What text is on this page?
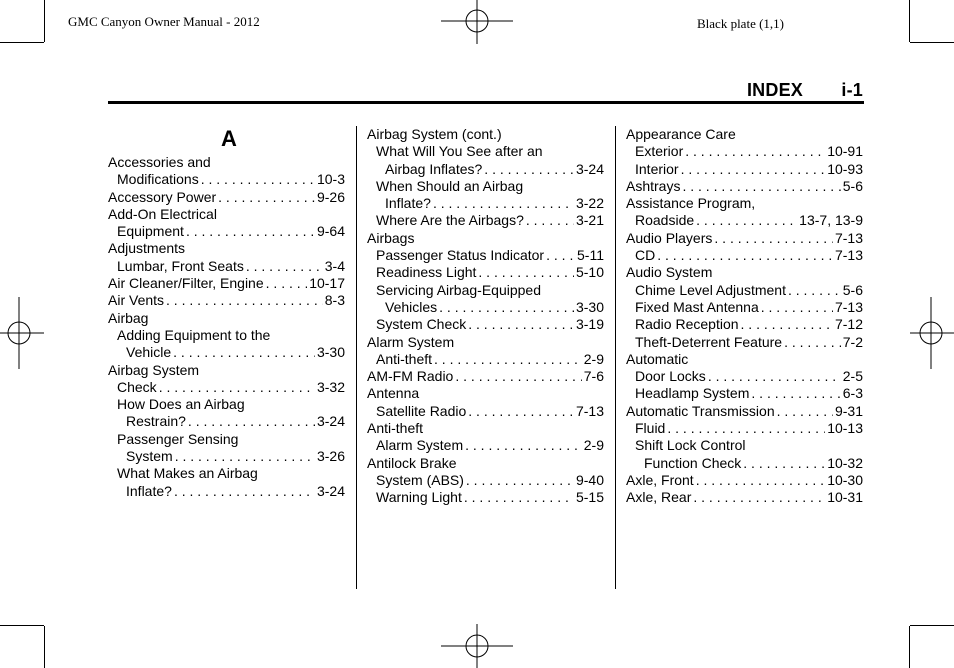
GMC Canyon Owner Manual - 2012	Black plate (1,1)
INDEX i-1
A
Accessories and
Modifications . . .	10-3
Accessory Power . . .	9-26
Add-On Electrical
Equipment . . .	9-64
Adjustments
Lumbar, Front Seats . . .	3-4
Air Cleaner/Filter, Engine . . .	10-17
Air Vents . . .	8-3
Airbag
Adding Equipment to the
Vehicle . . .	3-30
Airbag System
Check . . .	3-32
How Does an Airbag
Restrain? . . .	3-24
Passenger Sensing
System . . .	3-26
What Makes an Airbag
Inflate? . . .	3-24
Airbag System (cont.)
What Will You See after an
Airbag Inflates? . . .	3-24
When Should an Airbag
Inflate? . . .	3-22
Where Are the Airbags? . . .	3-21
Airbags
Passenger Status Indicator . . . 5-11
Readiness Light . . .	5-10
Servicing Airbag-Equipped
Vehicles . . .	3-30
System Check . . .	3-19
Alarm System
Anti-theft . . .	2-9
AM-FM Radio . . .	7-6
Antenna
Satellite Radio . . .	7-13
Anti-theft
Alarm System . . .	2-9
Antilock Brake
System (ABS) . . .	9-40
Warning Light . . .	5-15
Appearance Care
Exterior . . .	10-91
Interior . . .	10-93
Ashtrays . . .	5-6
Assistance Program,
Roadside . . .	13-7, 13-9
Audio Players . . .	7-13
CD . . .	7-13
Audio System
Chime Level Adjustment . . .	5-6
Fixed Mast Antenna . . .	7-13
Radio Reception . . .	7-12
Theft-Deterrent Feature . . .	7-2
Automatic
Door Locks . . .	2-5
Headlamp System . . .	6-3
Automatic Transmission . . .	9-31
Fluid . . .	10-13
Shift Lock Control
Function Check . . .	10-32
Axle, Front . . .	10-30
Axle, Rear . . .	10-31
